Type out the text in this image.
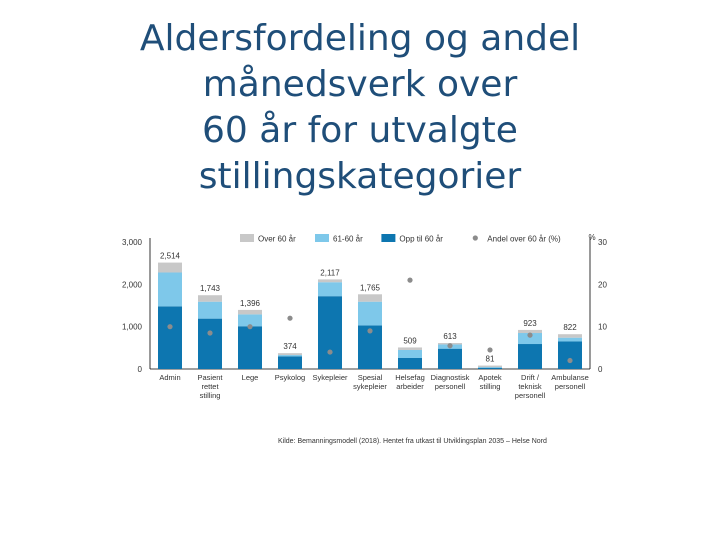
Aldersfordeling og andel
månedsverk over
60 år for utvalgte
stillingskategorier
0
1,000
2,000
3,000
0
10
20
30
%
Over 60 år	61-60 år	Opp til 60 år	Andel over 60 år (%)
2,514
Admin
1,743
Pasient
rettet
stilling
1,396
Lege
374
Psykolog
2,117
Sykepleier
1,765
Spesial
sykepleier
509
Helsefag
arbeider
613
Diagnostisk
personell
81
Apotek
stilling
923
Drift /
teknisk
personell
822
Ambulanse
personell
Kilde: Bemanningsmodell (2018). Hentet fra utkast til Utviklingsplan 2035 – Helse Nord
